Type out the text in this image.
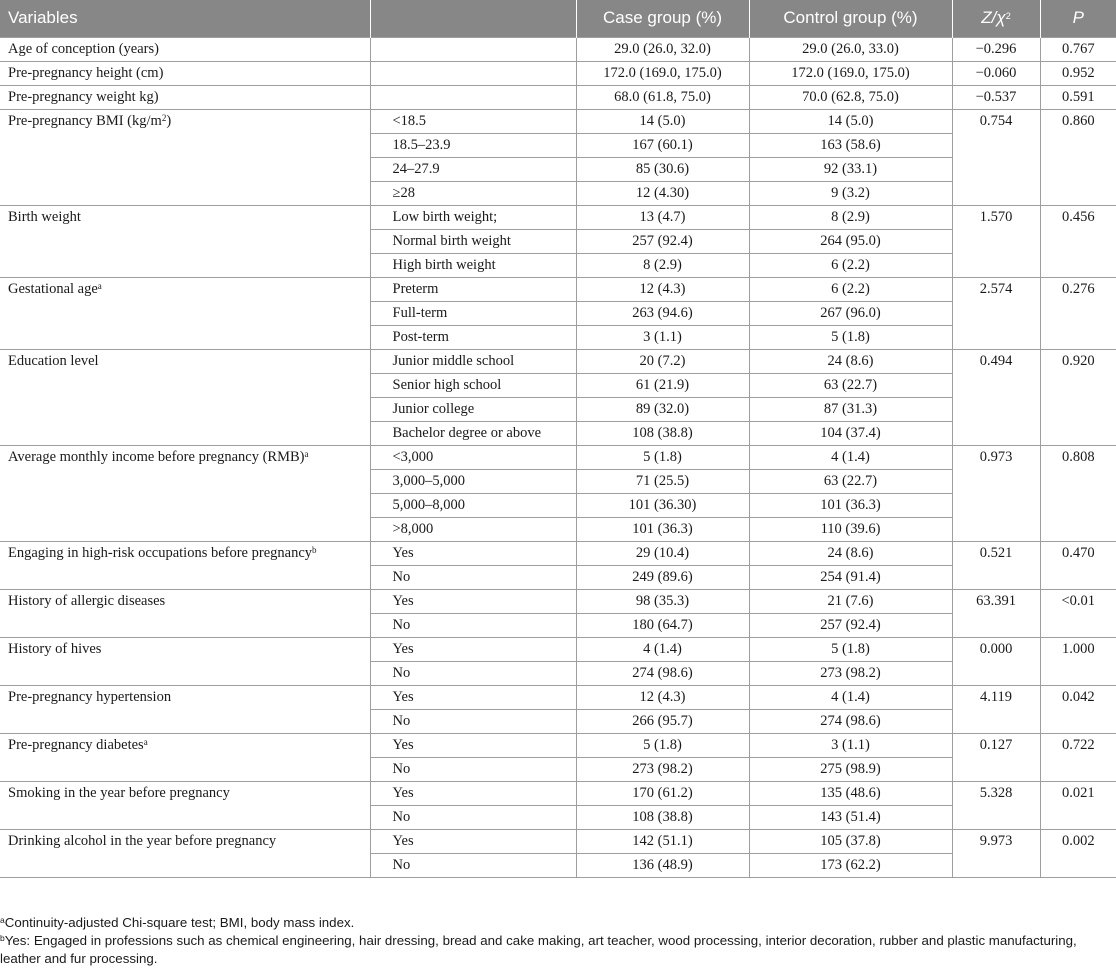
Variables		Case group (%)	Control group (%)	$Z/\chi^2$	P
Age of conception (years)		29.0 (26.0, 32.0)	29.0 (26.0, 33.0)	−0.296	0.767
Pre-pregnancy height (cm)		172.0 (169.0, 175.0)	172.0 (169.0, 175.0)	−0.060	0.952
Pre-pregnancy weight kg)		68.0 (61.8, 75.0)	70.0 (62.8, 75.0)	−0.537	0.591
Pre-pregnancy BMI $(kg/m^2)$	<18.5	14 (5.0)	14 (5.0)	0.754	0.860
	18.5–23.9	167 (60.1)	163 (58.6)		
	24–27.9	85 (30.6)	92 (33.1)		
	≥28	12 (4.30)	9 (3.2)		
Birth weight	Low birth weight;	13 (4.7)	8 (2.9)	1.570	0.456
	Normal birth weight	257 (92.4)	264 (95.0)		
	High birth weight	8 (2.9)	6 (2.2)		
Gestational age$^a$	Preterm	12 (4.3)	6 (2.2)	2.574	0.276
	Full-term	263 (94.6)	267 (96.0)		
	Post-term	3 (1.1)	5 (1.8)		
Education level	Junior middle school	20 (7.2)	24 (8.6)	0.494	0.920
	Senior high school	61 (21.9)	63 (22.7)		
	Junior college	89 (32.0)	87 (31.3)		
	Bachelor degree or above	108 (38.8)	104 (37.4)		
Average monthly income before pregnancy (RMB)$^a$	<3,000	5 (1.8)	4 (1.4)	0.973	0.808
	3,000–5,000	71 (25.5)	63 (22.7)		
	5,000–8,000	101 (36.30)	101 (36.3)		
	>8,000	101 (36.3)	110 (39.6)		
Engaging in high-risk occupations before pregnancy$^b$	Yes	29 (10.4)	24 (8.6)	0.521	0.470
	No	249 (89.6)	254 (91.4)		
History of allergic diseases	Yes	98 (35.3)	21 (7.6)	63.391	<0.01
	No	180 (64.7)	257 (92.4)		
History of hives	Yes	4 (1.4)	5 (1.8)	0.000	1.000
	No	274 (98.6)	273 (98.2)		
Pre-pregnancy hypertension	Yes	12 (4.3)	4 (1.4)	4.119	0.042
	No	266 (95.7)	274 (98.6)		
Pre-pregnancy diabetes$^a$	Yes	5 (1.8)	3 (1.1)	0.127	0.722
	No	273 (98.2)	275 (98.9)		
Smoking in the year before pregnancy	Yes	170 (61.2)	135 (48.6)	5.328	0.021
	No	108 (38.8)	143 (51.4)		
Drinking alcohol in the year before pregnancy	Yes	142 (51.1)	105 (37.8)	9.973	0.002
	No	136 (48.9)	173 (62.2)		

$^a$Continuity-adjusted Chi-square test; BMI, body mass index.

$^b$Yes: Engaged in professions such as chemical engineering, hair dressing, bread and cake making, art teacher, wood processing, interior decoration, rubber and plastic manufacturing, leather and fur processing.
